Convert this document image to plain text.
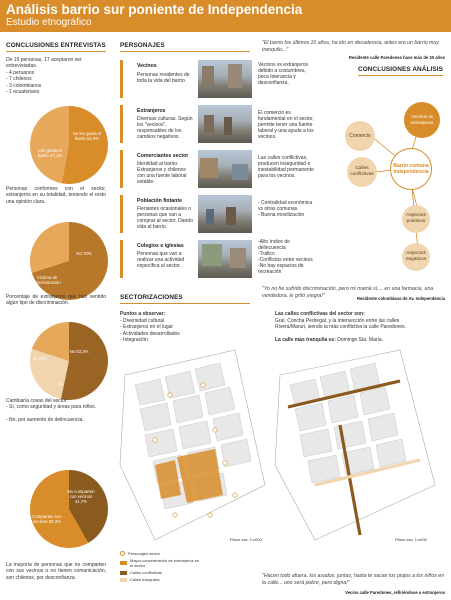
Análisis barrio sur poniente de Independencia
Estudio etnográfico
CONCLUSIONES ENTREVISTAS
De 19 personas, 17 aceptaron ser entrevistadas.
- 4 peruanos
- 7 chilenos
- 3 colombianos
- 1 ecuatoriano
No les gusta el barrio 52,9%
Les gusta el barrio 47,1%
Personas conformes con el sector, extranjeros en su totalidad, teniendo el resto una opinión clara.
No 70%
Víctima de discriminación
Sí
Porcentaje de extranjeros que han sentido algún tipo de discriminación.
No 53,3%
Sí 20%
Sí
Cambiaría cosas del sector:
- Sí, como seguridad y áreas para niños.

- No, por aumento de delincuencia.
No comparten con vecinos 41,7%
Comparten con vecinos 58,3%
La mayoría de personas que no comparten con sus vecinos o no tienen comunicación, son chilenos, por desconfianza.
PERSONAJES
Vecinos
Personas residentes de toda la vida del barrio.
Vecinos vs extranjeros debido a costumbres, poca tolerancia y desconfianza.
Extranjeros
Diversas culturas. Según los "vecinos", responsables de los cambios negativos.
El comercio es fundamental en el sector, permite tener una fuente laboral y una ayuda a los vecinos.
Comerciantes sector
Identidad al barrio. Extranjeros y chilenos con una fuente laboral estable.
Las calles conflictivas, producen inseguridad e inestabilidad permanente para los vecinos.
Población flotante
Fieriantes ocasionales o personas que van a comprar al sector. Dando vida al barrio.
- Centralidad económica vs otras comunas.
- Buena movilización
Colegios e iglesias
Personas que van a realizar una actividad específica al sector.
-Alto índice de delincuencia
-Tráfico
-Conflictos entre vecinos
-No hay espacios de recreación
"El barrio los últimos 10 años, ha ido en decadencia, antes era un barrio muy tranquilo..."
Residente calle Paredones hace más de 30 años
CONCLUSIONES ANÁLISIS
Comercio
Vecinos vs extranjeros
Calles conflictivas
Barrio comuna Independencia
Aspectos positivos
Aspectos negativos
"Yo no he sufrido discriminación, pero mi mamá sí,... en una farmacia, una vendedora, le gritó ¡negra!"	Residente colombiana de Av. Independencia
SECTORIZACIONES
Puntos a observar:
- Diversidad cultural
- Extranjeros en el lugar
- Actividades desarrollados
- Integración
Las calles conflictivas del sector son:
Gral. Concha Pedregal, y la intersección entre las calles Rivera/Maruri, siendo la más conflictiva la calle Paredones.
La calle más tranquila es: Domingo Sta. María.
Plano esc. 1:x000	Plano esc. 1:x000
Personajes sector
Mayor concentración de extranjeros en el sector
Calles conflictivas
Calles tranquilas
"Hacen todo afuera, los asados, juntas, hasta te sacan los piojos a los niños en la calle... uno será pobre, pero digna!"
Vecina calle Paredones, refiriéndose a extranjeros
